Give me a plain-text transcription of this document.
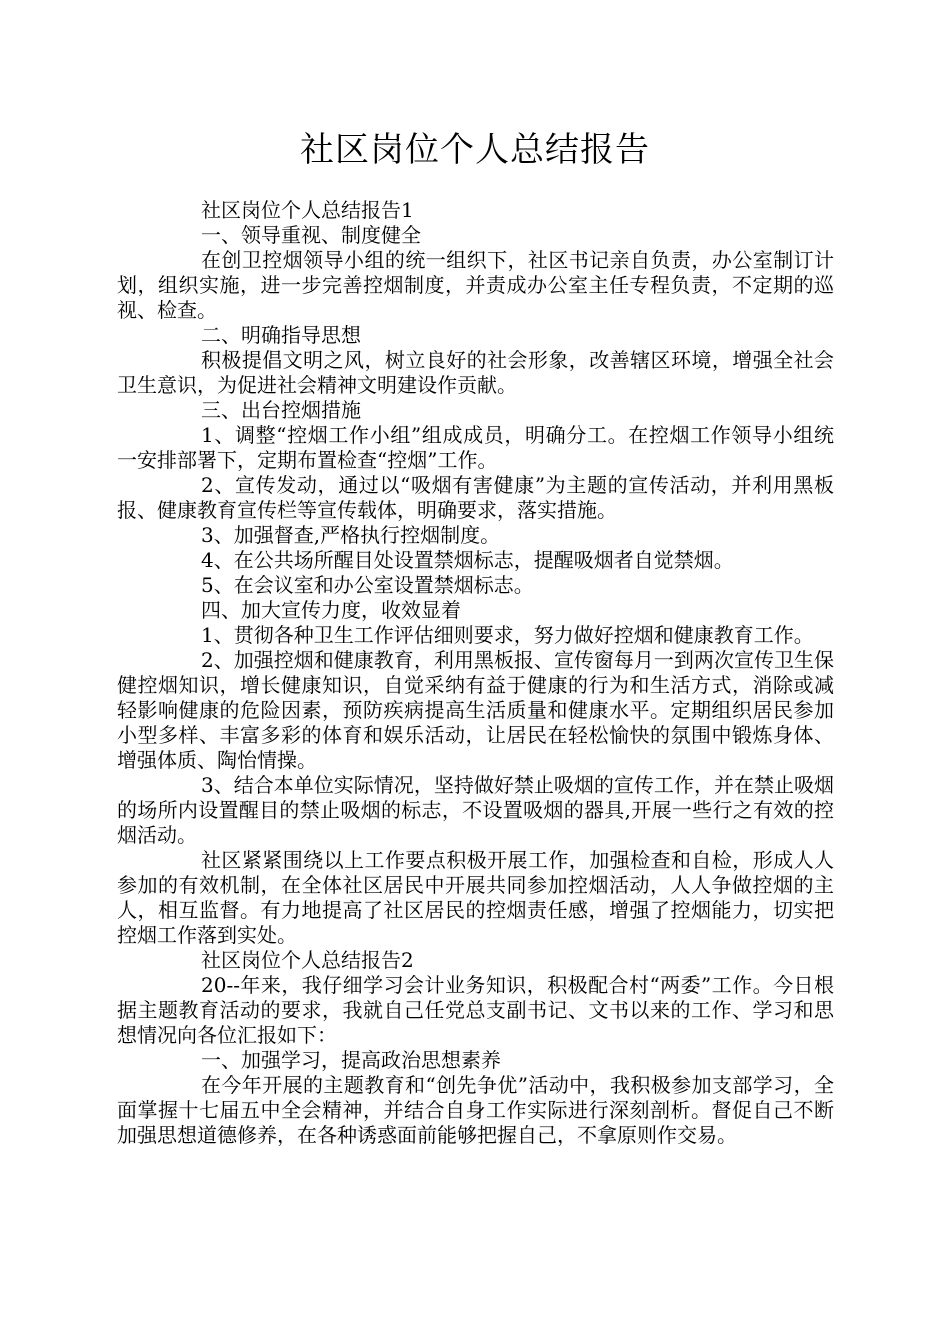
社区岗位个人总结报告

社区岗位个人总结报告1

一、领导重视、制度健全

在创卫控烟领导小组的统一组织下，社区书记亲自负责，办公室制订计划，组织实施，进一步完善控烟制度，并责成办公室主任专程负责，不定期的巡视、检查。

二、明确指导思想

积极提倡文明之风，树立良好的社会形象，改善辖区环境，增强全社会卫生意识，为促进社会精神文明建设作贡献。

三、出台控烟措施

1、调整“控烟工作小组”组成成员，明确分工。在控烟工作领导小组统一安排部署下，定期布置检查“控烟”工作。

2、宣传发动，通过以“吸烟有害健康”为主题的宣传活动，并利用黑板报、健康教育宣传栏等宣传载体，明确要求，落实措施。

3、加强督查,严格执行控烟制度。

4、在公共场所醒目处设置禁烟标志，提醒吸烟者自觉禁烟。

5、在会议室和办公室设置禁烟标志。

四、加大宣传力度，收效显着

1、贯彻各种卫生工作评估细则要求，努力做好控烟和健康教育工作。

2、加强控烟和健康教育，利用黑板报、宣传窗每月一到两次宣传卫生保健控烟知识，增长健康知识，自觉采纳有益于健康的行为和生活方式，消除或减轻影响健康的危险因素，预防疾病提高生活质量和健康水平。定期组织居民参加小型多样、丰富多彩的体育和娱乐活动，让居民在轻松愉快的氛围中锻炼身体、增强体质、陶怡情操。

3、结合本单位实际情况，坚持做好禁止吸烟的宣传工作，并在禁止吸烟的场所内设置醒目的禁止吸烟的标志，不设置吸烟的器具,开展一些行之有效的控烟活动。

社区紧紧围绕以上工作要点积极开展工作，加强检查和自检，形成人人参加的有效机制，在全体社区居民中开展共同参加控烟活动，人人争做控烟的主人，相互监督。有力地提高了社区居民的控烟责任感，增强了控烟能力，切实把控烟工作落到实处。

社区岗位个人总结报告2

20--年来，我仔细学习会计业务知识，积极配合村“两委”工作。今日根据主题教育活动的要求，我就自己任党总支副书记、文书以来的工作、学习和思想情况向各位汇报如下：

一、加强学习，提高政治思想素养

在今年开展的主题教育和“创先争优”活动中，我积极参加支部学习，全面掌握十七届五中全会精神，并结合自身工作实际进行深刻剖析。督促自己不断加强思想道德修养，在各种诱惑面前能够把握自己，不拿原则作交易。
